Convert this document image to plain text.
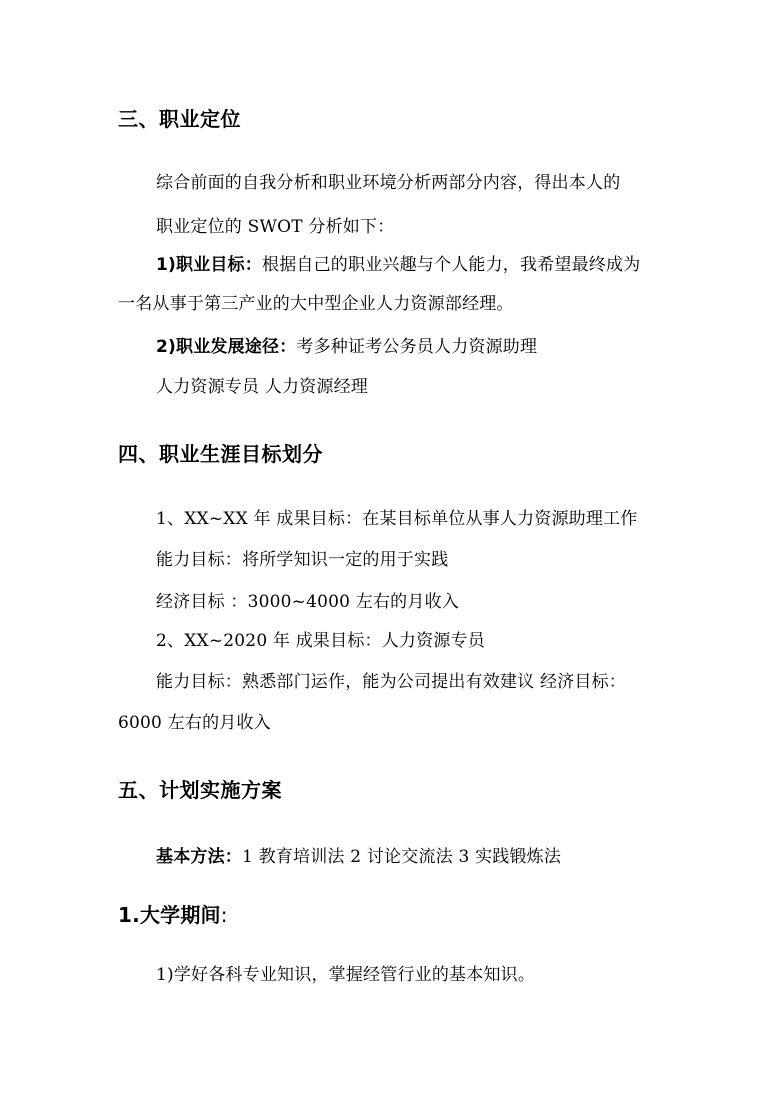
三、职业定位
综合前面的自我分析和职业环境分析两部分内容，得出本人的
职业定位的 SWOT 分析如下：
1)职业目标：根据自己的职业兴趣与个人能力，我希望最终成为
一名从事于第三产业的大中型企业人力资源部经理。
2)职业发展途径：考多种证考公务员人力资源助理
人力资源专员 人力资源经理
四、职业生涯目标划分
1、XX~XX 年 成果目标：在某目标单位从事人力资源助理工作
能力目标：将所学知识一定的用于实践
经济目标 ：3000~4000 左右的月收入
2、XX~2020 年 成果目标：人力资源专员
能力目标：熟悉部门运作，能为公司提出有效建议 经济目标：
6000 左右的月收入
五、计划实施方案
基本方法：1 教育培训法 2 讨论交流法 3 实践锻炼法
1.大学期间:
1)学好各科专业知识，掌握经管行业的基本知识。
